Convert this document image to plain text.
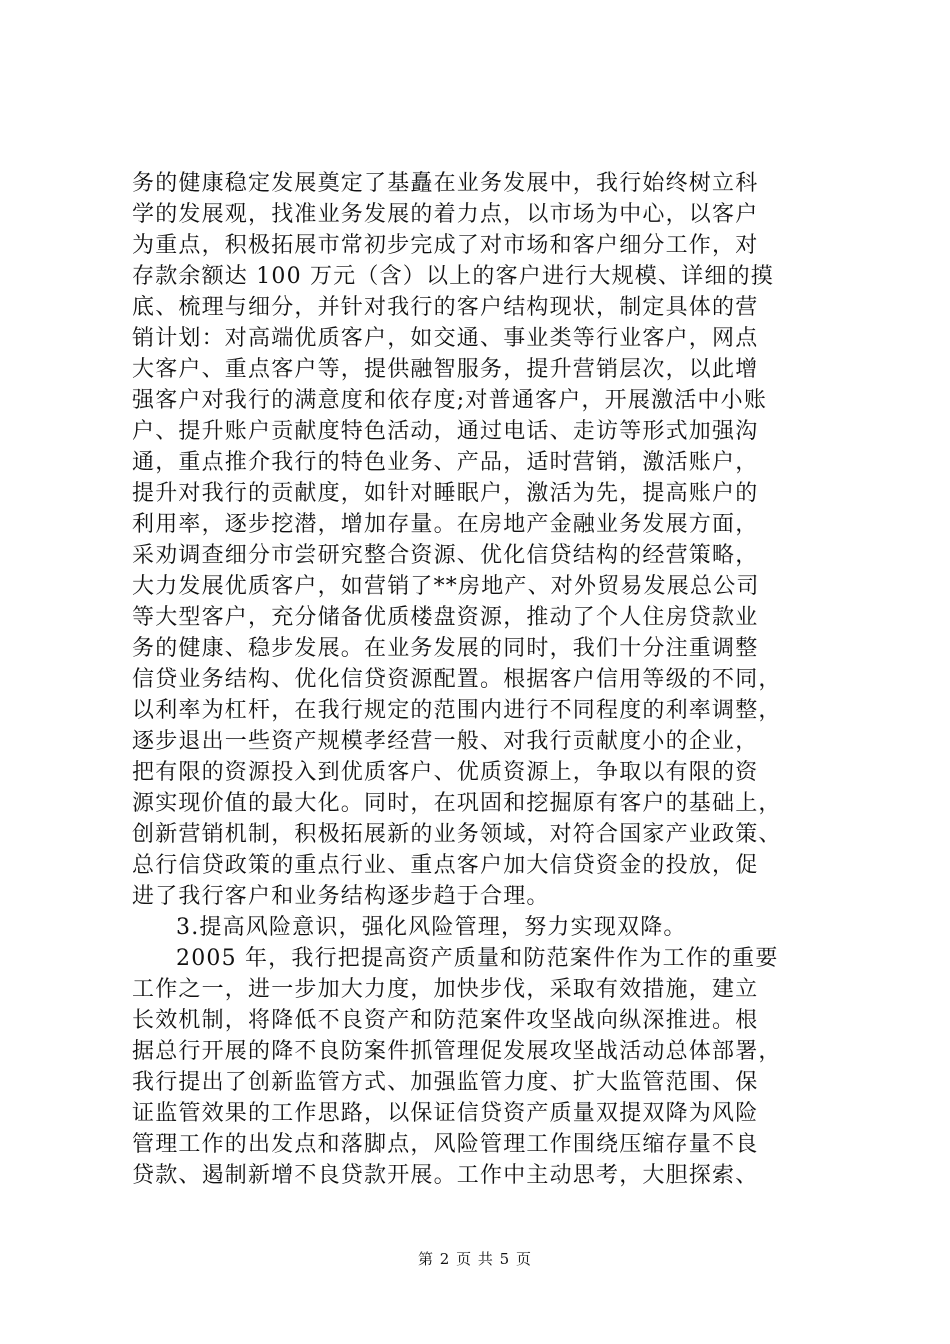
务的健康稳定发展奠定了基矗在业务发展中，我行始终树立科
学的发展观，找准业务发展的着力点，以市场为中心，以客户
为重点，积极拓展市常初步完成了对市场和客户细分工作，对
存款余额达 100 万元（含）以上的客户进行大规模、详细的摸
底、梳理与细分，并针对我行的客户结构现状，制定具体的营
销计划：对高端优质客户，如交通、事业类等行业客户，网点
大客户、重点客户等，提供融智服务，提升营销层次，以此增
强客户对我行的满意度和依存度;对普通客户，开展激活中小账
户、提升账户贡献度特色活动，通过电话、走访等形式加强沟
通，重点推介我行的特色业务、产品，适时营销，激活账户，
提升对我行的贡献度，如针对睡眠户，激活为先，提高账户的
利用率，逐步挖潜，增加存量。在房地产金融业务发展方面，
采劝调查细分市尝研究整合资源、优化信贷结构的经营策略，
大力发展优质客户，如营销了**房地产、对外贸易发展总公司
等大型客户，充分储备优质楼盘资源，推动了个人住房贷款业
务的健康、稳步发展。在业务发展的同时，我们十分注重调整
信贷业务结构、优化信贷资源配置。根据客户信用等级的不同，
以利率为杠杆，在我行规定的范围内进行不同程度的利率调整，
逐步退出一些资产规模孝经营一般、对我行贡献度小的企业，
把有限的资源投入到优质客户、优质资源上，争取以有限的资
源实现价值的最大化。同时，在巩固和挖掘原有客户的基础上，
创新营销机制，积极拓展新的业务领域，对符合国家产业政策、
总行信贷政策的重点行业、重点客户加大信贷资金的投放，促
进了我行客户和业务结构逐步趋于合理。
3.提高风险意识，强化风险管理，努力实现双降。
2005 年，我行把提高资产质量和防范案件作为工作的重要
工作之一，进一步加大力度，加快步伐，采取有效措施，建立
长效机制，将降低不良资产和防范案件攻坚战向纵深推进。根
据总行开展的降不良防案件抓管理促发展攻坚战活动总体部署，
我行提出了创新监管方式、加强监管力度、扩大监管范围、保
证监管效果的工作思路，以保证信贷资产质量双提双降为风险
管理工作的出发点和落脚点，风险管理工作围绕压缩存量不良
贷款、遏制新增不良贷款开展。工作中主动思考，大胆探索、
第 2 页 共 5 页
